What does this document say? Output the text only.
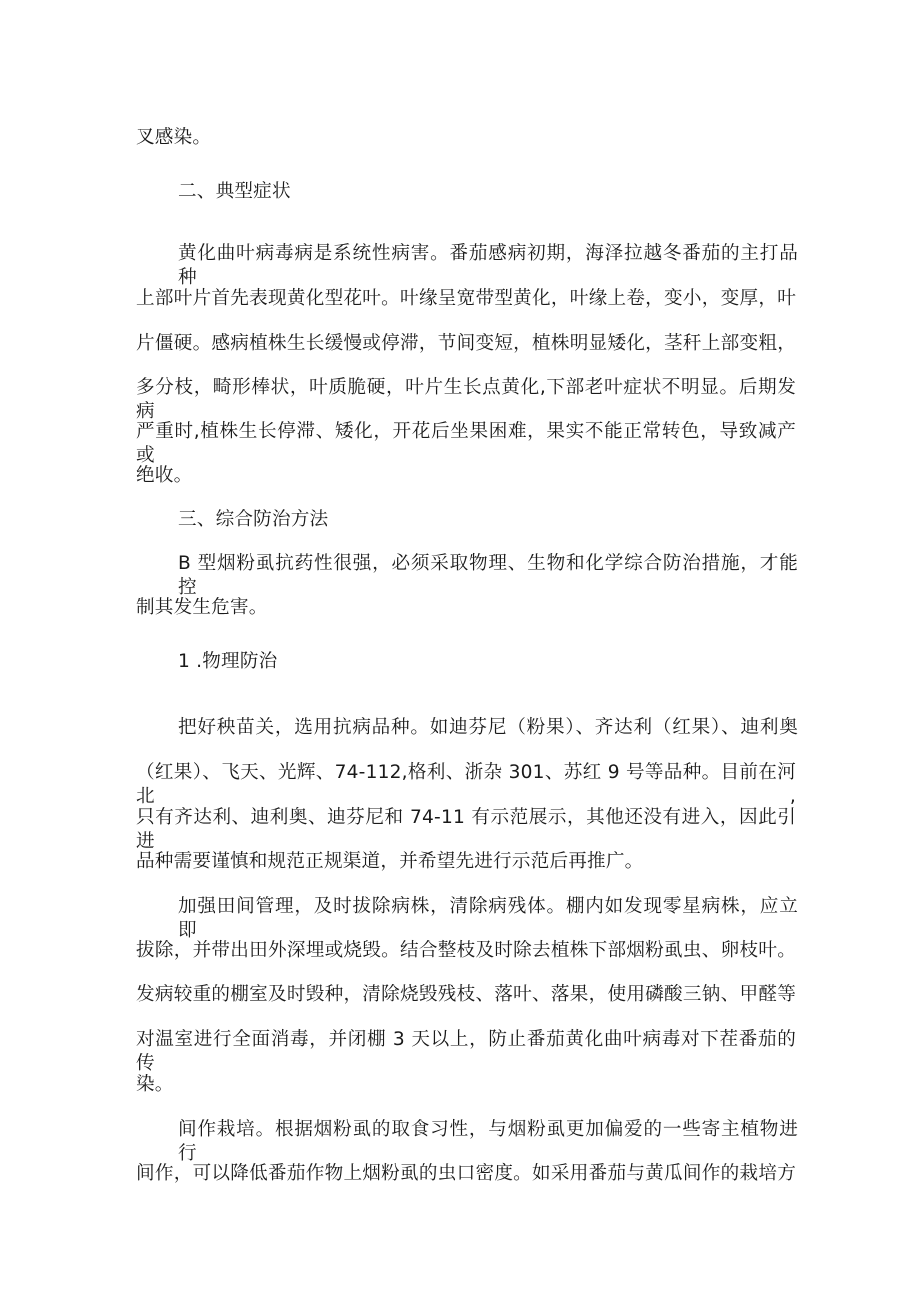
叉感染。
二、典型症状
黄化曲叶病毒病是系统性病害。番茄感病初期，海泽拉越冬番茄的主打品种
上部叶片首先表现黄化型花叶。叶缘呈宽带型黄化，叶缘上卷，变小，变厚，叶
片僵硬。感病植株生长缓慢或停滞，节间变短，植株明显矮化，茎秆上部变粗，
多分枝，畸形棒状，叶质脆硬，叶片生长点黄化,下部老叶症状不明显。后期发病
严重时,植株生长停滞、矮化，开花后坐果困难，果实不能正常转色，导致减产或
绝收。
三、综合防治方法
B 型烟粉虱抗药性很强，必须采取物理、生物和化学综合防治措施，才能控
制其发生危害。
1 .物理防治
把好秧苗关，选用抗病品种。如迪芬尼（粉果）、齐达利（红果）、迪利奥
（红果）、飞天、光辉、74-112,格利、浙杂 301、苏红 9 号等品种。目前在河北,
只有齐达利、迪利奥、迪芬尼和 74-11 有示范展示，其他还没有进入，因此引进
品种需要谨慎和规范正规渠道，并希望先进行示范后再推广。
加强田间管理，及时拔除病株，清除病残体。棚内如发现零星病株，应立即
拔除，并带出田外深埋或烧毁。结合整枝及时除去植株下部烟粉虱虫、卵枝叶。
发病较重的棚室及时毁种，清除烧毁残枝、落叶、落果，使用磷酸三钠、甲醛等
对温室进行全面消毒，并闭棚 3 天以上，防止番茄黄化曲叶病毒对下茬番茄的传
染。
间作栽培。根据烟粉虱的取食习性，与烟粉虱更加偏爱的一些寄主植物进行
间作，可以降低番茄作物上烟粉虱的虫口密度。如采用番茄与黄瓜间作的栽培方
